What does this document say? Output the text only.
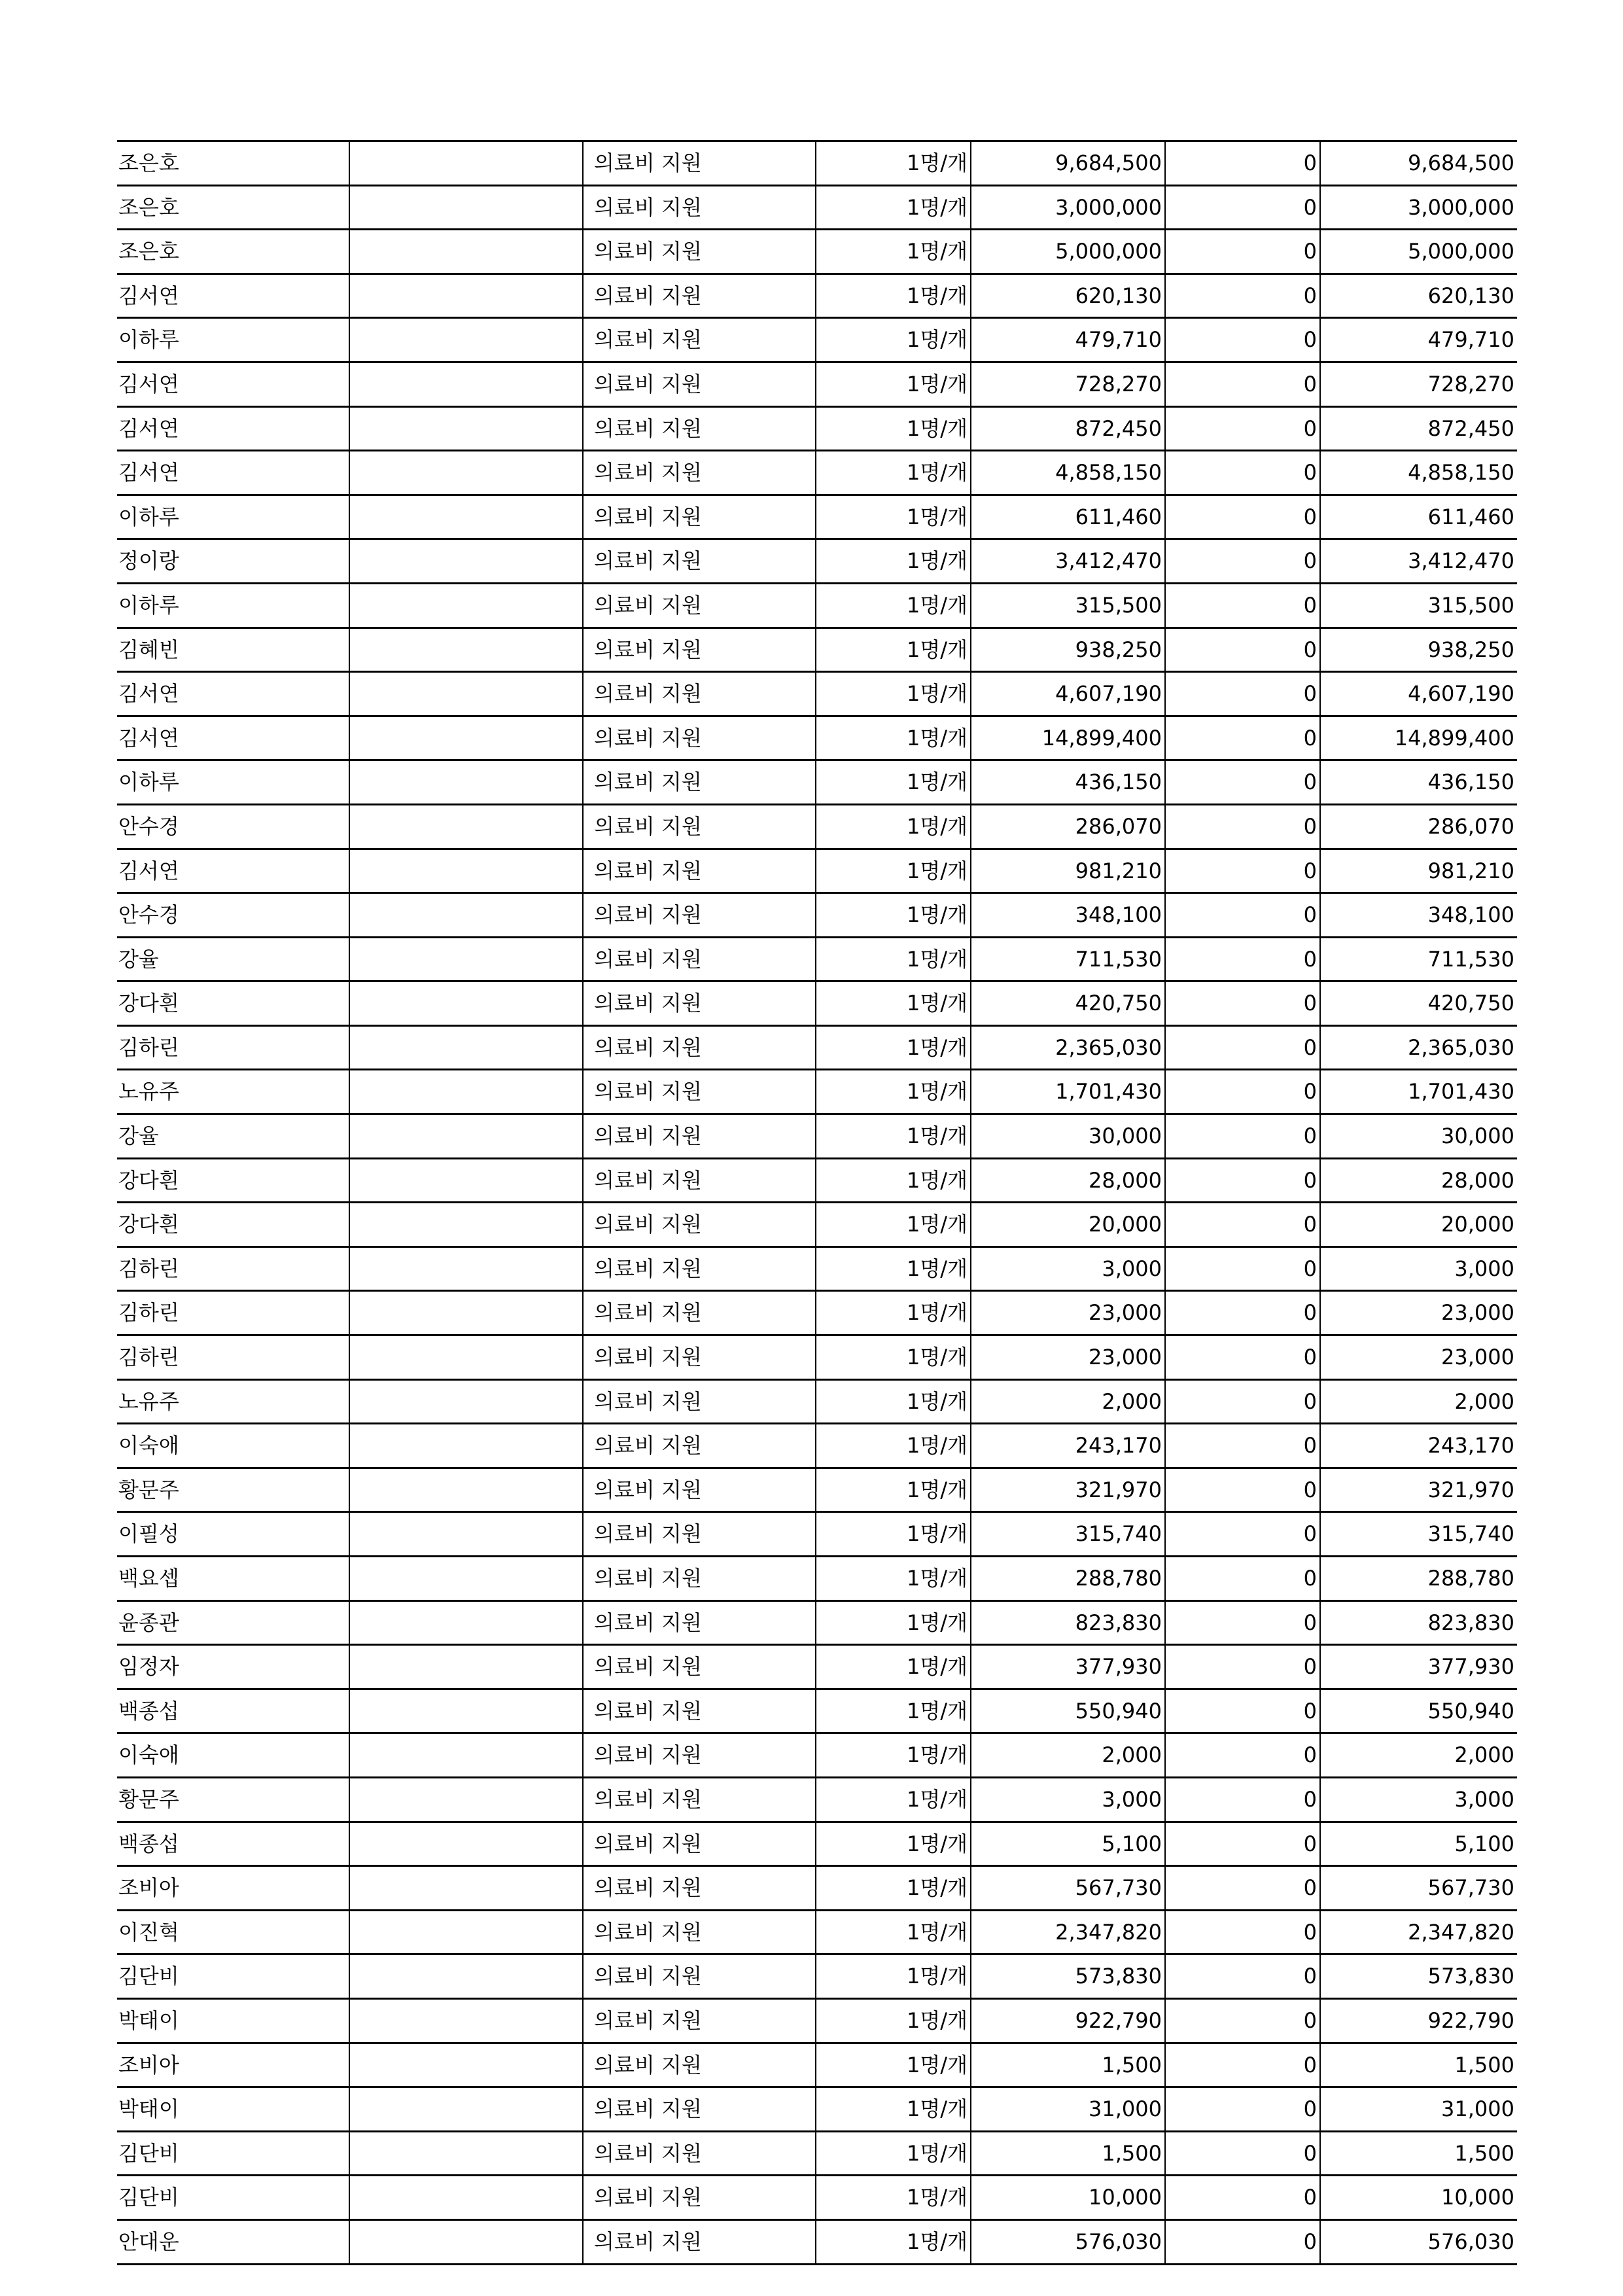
조은호		의료비 지원	1명/개	9,684,500	0	9,684,500
조은호		의료비 지원	1명/개	3,000,000	0	3,000,000
조은호		의료비 지원	1명/개	5,000,000	0	5,000,000
김서연		의료비 지원	1명/개	620,130	0	620,130
이하루		의료비 지원	1명/개	479,710	0	479,710
김서연		의료비 지원	1명/개	728,270	0	728,270
김서연		의료비 지원	1명/개	872,450	0	872,450
김서연		의료비 지원	1명/개	4,858,150	0	4,858,150
이하루		의료비 지원	1명/개	611,460	0	611,460
정이랑		의료비 지원	1명/개	3,412,470	0	3,412,470
이하루		의료비 지원	1명/개	315,500	0	315,500
김혜빈		의료비 지원	1명/개	938,250	0	938,250
김서연		의료비 지원	1명/개	4,607,190	0	4,607,190
김서연		의료비 지원	1명/개	14,899,400	0	14,899,400
이하루		의료비 지원	1명/개	436,150	0	436,150
안수경		의료비 지원	1명/개	286,070	0	286,070
김서연		의료비 지원	1명/개	981,210	0	981,210
안수경		의료비 지원	1명/개	348,100	0	348,100
강율		의료비 지원	1명/개	711,530	0	711,530
강다흰		의료비 지원	1명/개	420,750	0	420,750
김하린		의료비 지원	1명/개	2,365,030	0	2,365,030
노유주		의료비 지원	1명/개	1,701,430	0	1,701,430
강율		의료비 지원	1명/개	30,000	0	30,000
강다흰		의료비 지원	1명/개	28,000	0	28,000
강다흰		의료비 지원	1명/개	20,000	0	20,000
김하린		의료비 지원	1명/개	3,000	0	3,000
김하린		의료비 지원	1명/개	23,000	0	23,000
김하린		의료비 지원	1명/개	23,000	0	23,000
노유주		의료비 지원	1명/개	2,000	0	2,000
이숙애		의료비 지원	1명/개	243,170	0	243,170
황문주		의료비 지원	1명/개	321,970	0	321,970
이필성		의료비 지원	1명/개	315,740	0	315,740
백요셉		의료비 지원	1명/개	288,780	0	288,780
윤종관		의료비 지원	1명/개	823,830	0	823,830
임정자		의료비 지원	1명/개	377,930	0	377,930
백종섭		의료비 지원	1명/개	550,940	0	550,940
이숙애		의료비 지원	1명/개	2,000	0	2,000
황문주		의료비 지원	1명/개	3,000	0	3,000
백종섭		의료비 지원	1명/개	5,100	0	5,100
조비아		의료비 지원	1명/개	567,730	0	567,730
이진혁		의료비 지원	1명/개	2,347,820	0	2,347,820
김단비		의료비 지원	1명/개	573,830	0	573,830
박태이		의료비 지원	1명/개	922,790	0	922,790
조비아		의료비 지원	1명/개	1,500	0	1,500
박태이		의료비 지원	1명/개	31,000	0	31,000
김단비		의료비 지원	1명/개	1,500	0	1,500
김단비		의료비 지원	1명/개	10,000	0	10,000
안대운		의료비 지원	1명/개	576,030	0	576,030
